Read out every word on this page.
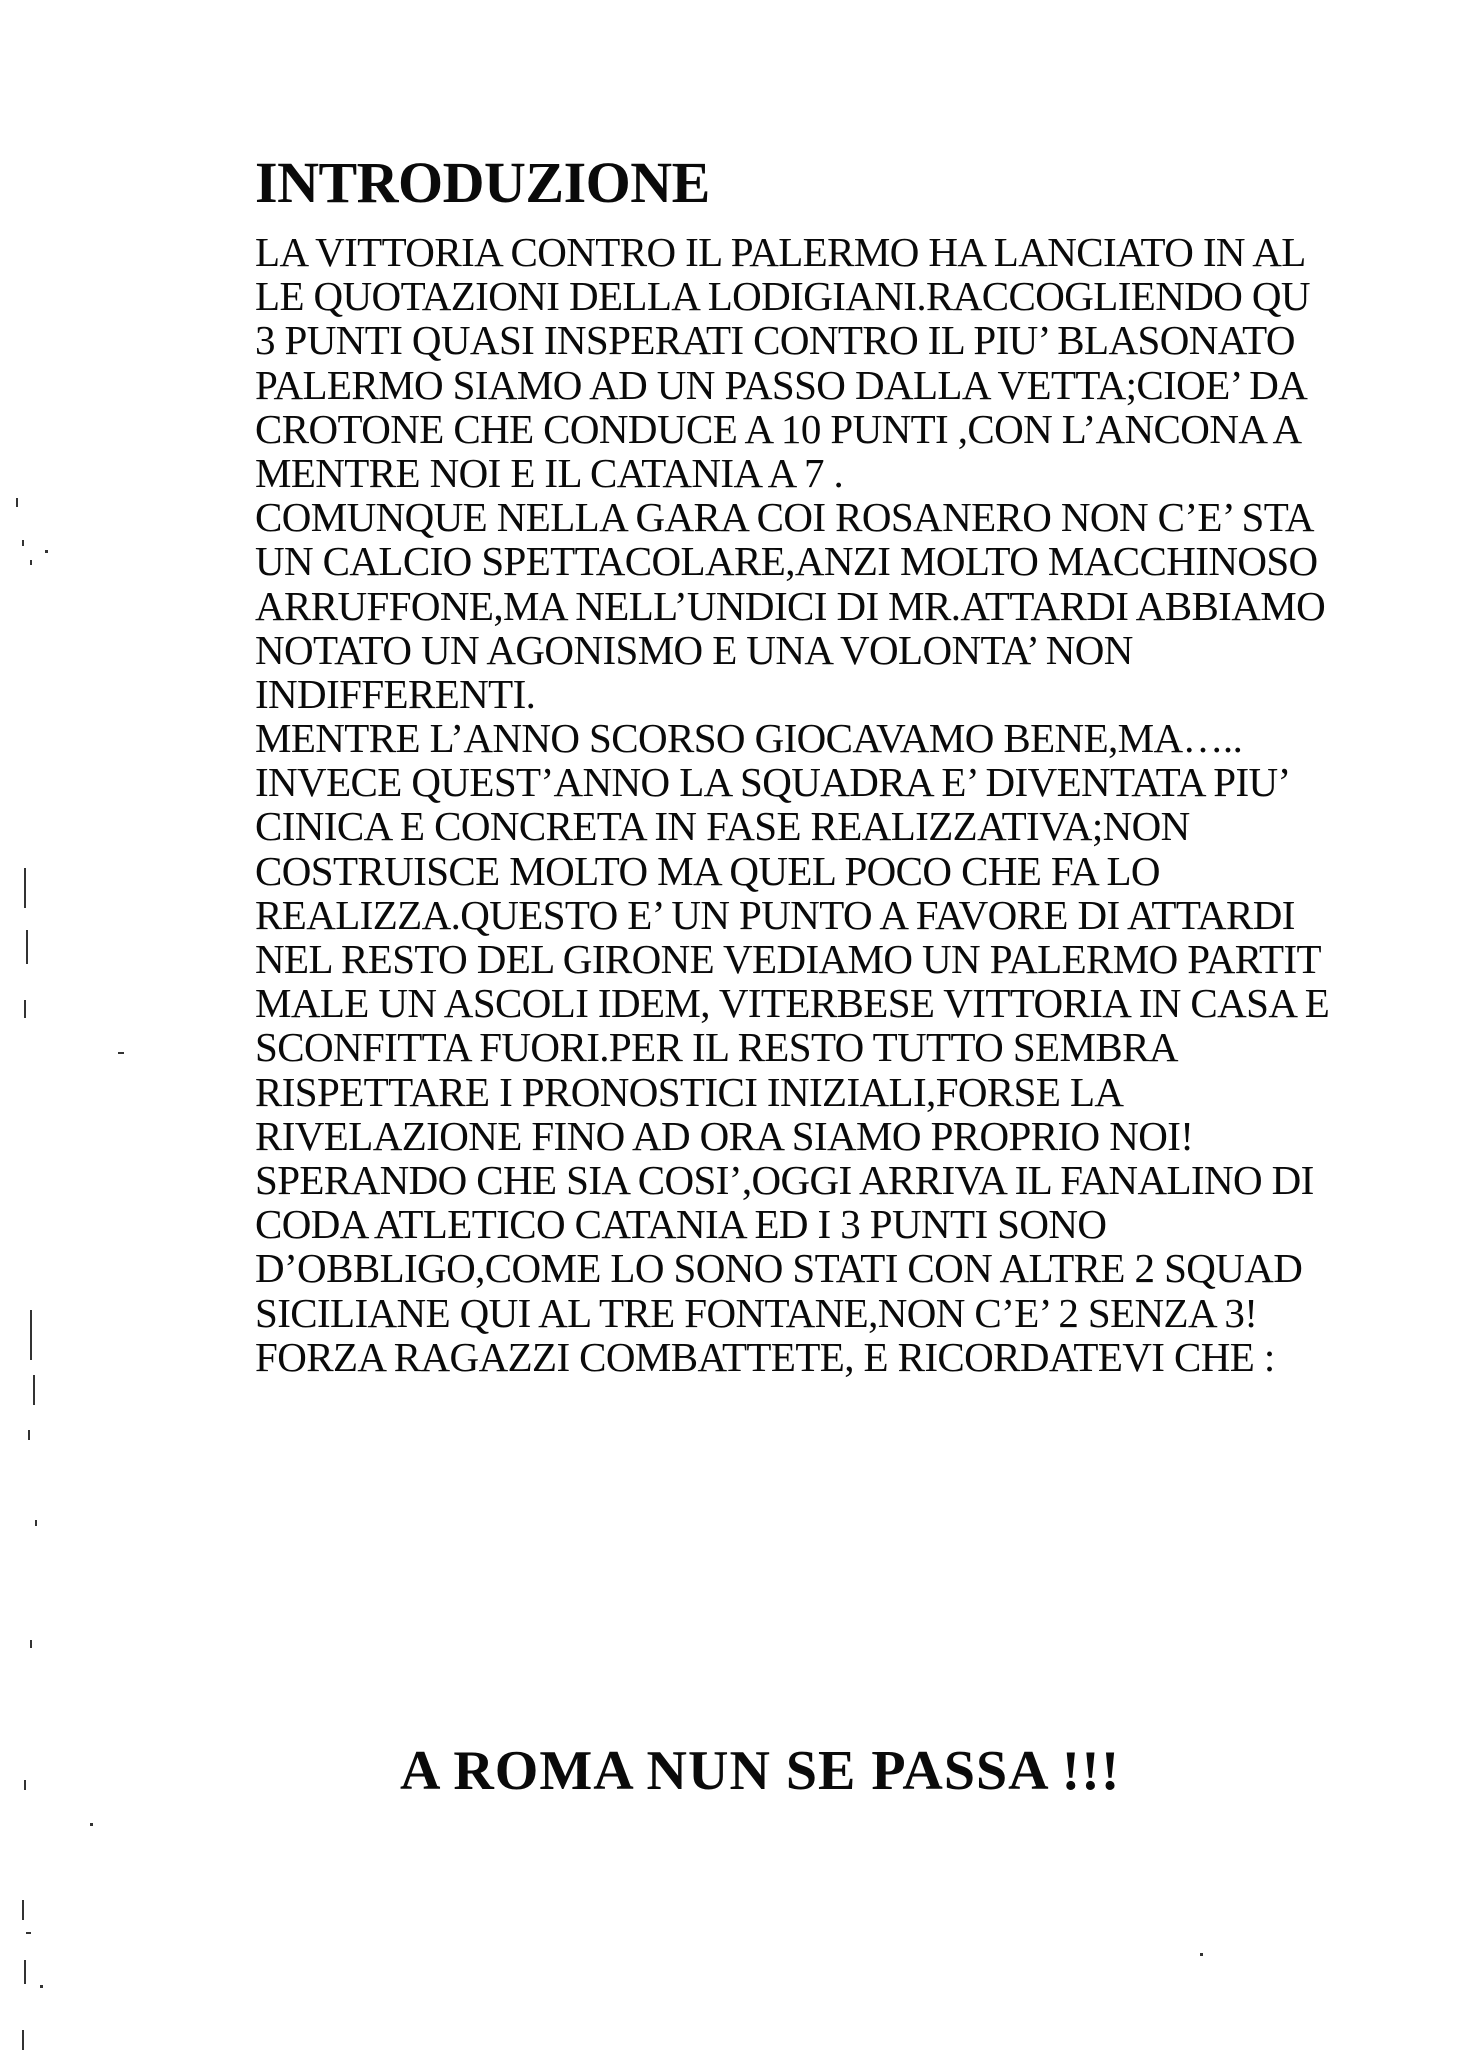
INTRODUZIONE
LA VITTORIA CONTRO IL PALERMO HA LANCIATO IN AL
LE QUOTAZIONI DELLA LODIGIANI.RACCOGLIENDO QU
3 PUNTI QUASI INSPERATI CONTRO IL PIU’ BLASONATO
PALERMO SIAMO AD UN PASSO DALLA VETTA;CIOE’ DA
CROTONE CHE CONDUCE A 10 PUNTI ,CON L’ANCONA A
MENTRE NOI E IL CATANIA A 7 .
COMUNQUE NELLA GARA COI ROSANERO NON C’E’ STA
UN CALCIO SPETTACOLARE,ANZI MOLTO MACCHINOSO
ARRUFFONE,MA NELL’UNDICI DI MR.ATTARDI ABBIAMO
NOTATO UN AGONISMO E UNA VOLONTA’ NON
INDIFFERENTI.
MENTRE L’ANNO SCORSO GIOCAVAMO BENE,MA…..
INVECE QUEST’ANNO LA SQUADRA E’ DIVENTATA PIU’
CINICA E CONCRETA IN FASE REALIZZATIVA;NON
COSTRUISCE MOLTO MA QUEL POCO CHE FA LO
REALIZZA.QUESTO E’ UN PUNTO A FAVORE DI ATTARDI
NEL RESTO DEL GIRONE VEDIAMO UN PALERMO PARTIT
MALE UN ASCOLI IDEM, VITERBESE VITTORIA IN CASA E
SCONFITTA FUORI.PER IL RESTO TUTTO SEMBRA
RISPETTARE I PRONOSTICI INIZIALI,FORSE LA
RIVELAZIONE FINO AD ORA SIAMO PROPRIO NOI!
SPERANDO CHE SIA COSI’,OGGI ARRIVA IL FANALINO DI
CODA ATLETICO CATANIA ED I 3 PUNTI SONO
D’OBBLIGO,COME LO SONO STATI CON ALTRE 2 SQUAD
SICILIANE QUI AL TRE FONTANE,NON C’E’ 2 SENZA 3!
FORZA RAGAZZI COMBATTETE, E RICORDATEVI CHE :

A ROMA NUN SE PASSA !!!
